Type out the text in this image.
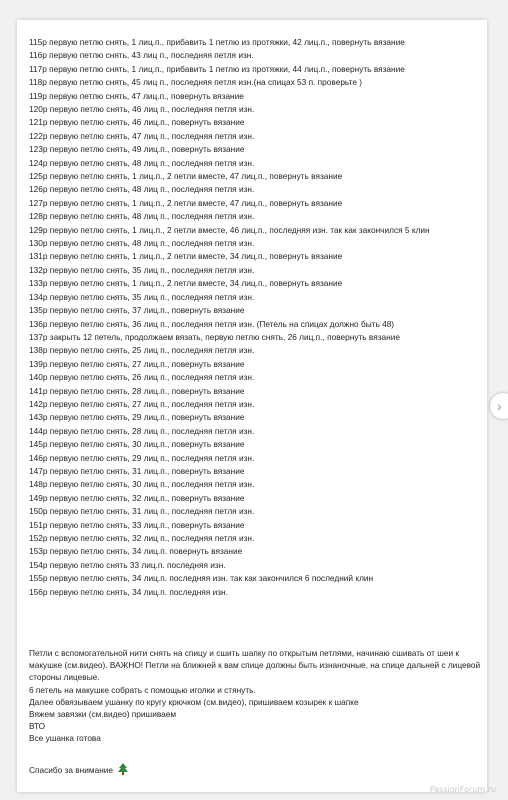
115р первую петлю снять, 1 лиц.п., прибавить 1 петлю из протяжки, 42 лиц.п., повернуть вязание
116р первую петлю снять, 43 лиц п., последняя петля изн.
117р первую петлю снять, 1 лиц.п., прибавить 1 петлю из протяжки, 44 лиц.п., повернуть вязание
118р первую петлю снять, 45 лиц п., последняя петля изн.(на спицах 53 п. проверьте )
119р первую петлю снять, 47 лиц.п., повернуть вязание
120р первую петлю снять, 46 лиц п., последняя петля изн.
121р первую петлю снять, 46 лиц.п., повернуть вязание
122р первую петлю снять, 47 лиц п., последняя петля изн.
123р первую петлю снять, 49 лиц.п., повернуть вязание
124р первую петлю снять, 48 лиц п., последняя петля изн.
125р первую петлю снять, 1 лиц.п., 2 петли вместе, 47 лиц.п., повернуть вязание
126р первую петлю снять, 48 лиц п., последняя петля изн.
127р первую петлю снять, 1 лиц.п., 2 петли вместе, 47 лиц.п., повернуть вязание
128р первую петлю снять, 48 лиц п., последняя петля изн.
129р первую петлю снять, 1 лиц.п., 2 петли вместе, 46 лиц.п., последняя изн. так как закончился 5 клин
130р первую петлю снять, 48 лиц п., последняя петля изн.
131р первую петлю снять, 1 лиц.п., 2 петли вместе, 34 лиц.п., повернуть вязание
132р первую петлю снять, 35 лиц п., последняя петля изн.
133р первую петлю снять, 1 лиц.п., 2 петли вместе, 34 лиц.п., повернуть вязание
134р первую петлю снять, 35 лиц п., последняя петля изн.
135р первую петлю снять, 37 лиц.п., повернуть вязание
136р первую петлю снять, 36 лиц п., последняя петля изн. (Петель на спицах должно быть 48)
137р закрыть 12 петель, продолжаем вязать, первую петлю снять, 26 лиц.п., повернуть вязание
138р первую петлю снять, 25 лиц п., последняя петля изн.
139р первую петлю снять, 27 лиц.п., повернуть вязание
140р первую петлю снять, 26 лиц п., последняя петля изн.
141р первую петлю снять, 28 лиц.п., повернуть вязание
142р первую петлю снять, 27 лиц п., последняя петля изн.
143р первую петлю снять, 29 лиц.п., повернуть вязание
144р первую петлю снять, 28 лиц п., последняя петля изн.
145р первую петлю снять, 30 лиц.п., повернуть вязание
146р первую петлю снять, 29 лиц п., последняя петля изн.
147р первую петлю снять, 31 лиц.п., повернуть вязание
148р первую петлю снять, 30 лиц п., последняя петля изн.
149р первую петлю снять, 32 лиц.п., повернуть вязание
150р первую петлю снять, 31 лиц п., последняя петля изн.
151р первую петлю снять, 33 лиц.п., повернуть вязание
152р первую петлю снять, 32 лиц п., последняя петля изн.
153р первую петлю снять, 34 лиц.п. повернуть вязание
154р первую петлю снять 33 лиц.п. последняя изн.
155р первую петлю снять, 34 лиц.п. последняя изн. так как закончился 6 последний клин
156р первую петлю снять, 34 лиц.п. последняя изн.
Петли с вспомогательной нити снять на спицу и сшить шапку по открытым петлями, начинаю сшивать от шеи к макушке (см.видео). ВАЖНО! Петли на ближней к вам спице должны быть изнаночные, на спице дальней с лицевой стороны лицевые.
6 петель на макушке собрать с помощью иголки и стянуть.
Далее обвязываем ушанку по кругу крючком (см.видео), пришиваем козырек к шапке
Вяжем завязки (см.видео) пришиваем
ВТО
Все ушанка готова
Спасибо за внимание
›
PassionForum.ru
